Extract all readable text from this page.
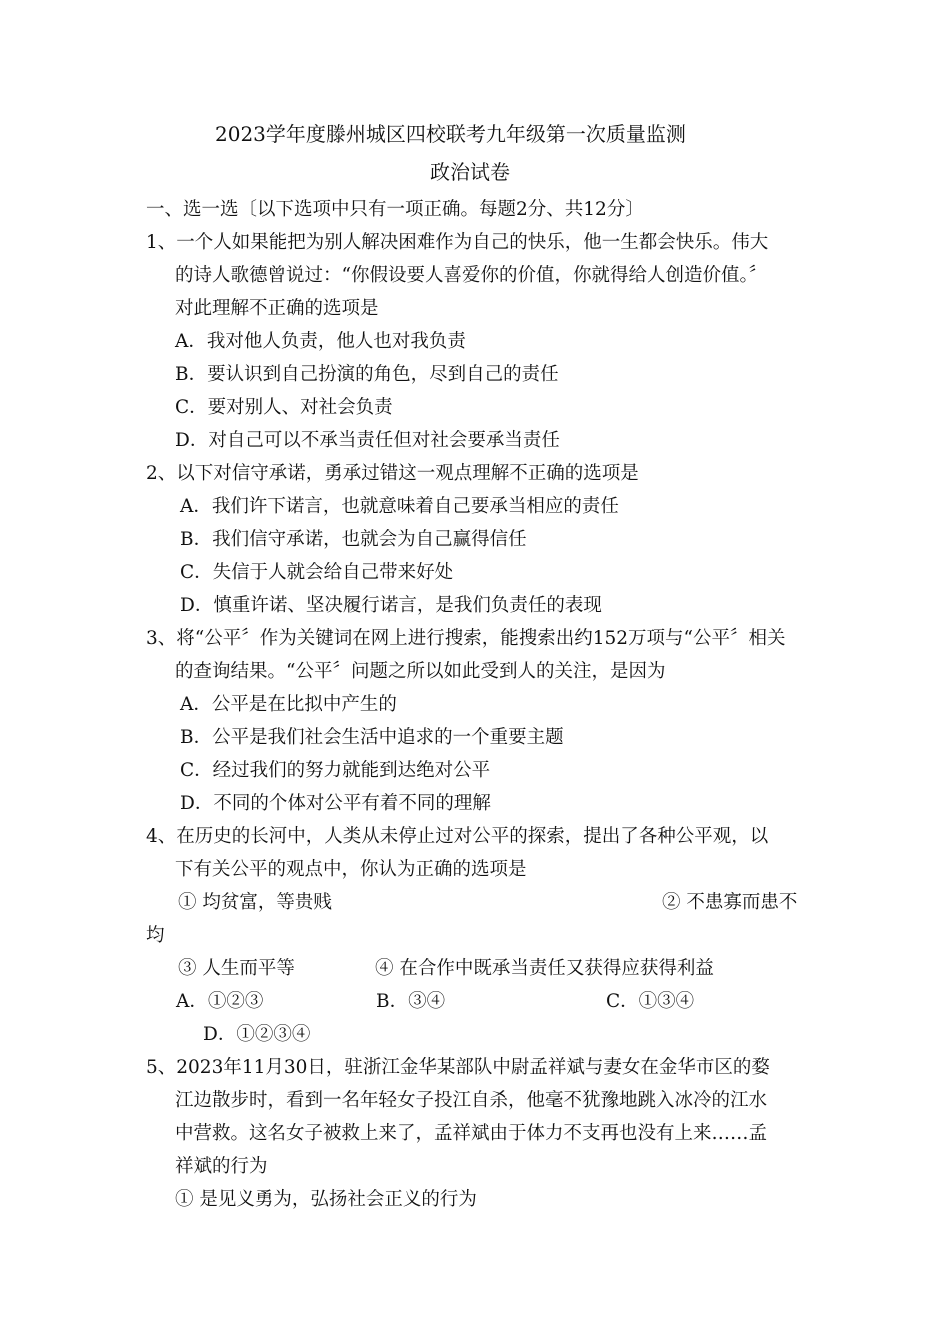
2023学年度滕州城区四校联考九年级第一次质量监测
政治试卷
一、选一选〔以下选项中只有一项正确。每题2分、共12分〕
1、一个人如果能把为别人解决困难作为自己的快乐，他一生都会快乐。伟大
的诗人歌德曾说过：“你假设要人喜爱你的价值，你就得给人创造价值。〞
对此理解不正确的选项是
A．我对他人负责，他人也对我负责
B．要认识到自己扮演的角色，尽到自己的责任
C．要对别人、对社会负责
D．对自己可以不承当责任但对社会要承当责任
2、以下对信守承诺，勇承过错这一观点理解不正确的选项是
A．我们许下诺言，也就意味着自己要承当相应的责任
B．我们信守承诺，也就会为自己赢得信任
C．失信于人就会给自己带来好处
D．慎重许诺、坚决履行诺言，是我们负责任的表现
3、将“公平〞作为关键词在网上进行搜索，能搜索出约152万项与“公平〞相关
的查询结果。“公平〞问题之所以如此受到人的关注，是因为
A．公平是在比拟中产生的
B．公平是我们社会生活中追求的一个重要主题
C．经过我们的努力就能到达绝对公平
D．不同的个体对公平有着不同的理解
4、在历史的长河中，人类从未停止过对公平的探索，提出了各种公平观，以
下有关公平的观点中，你认为正确的选项是
① 均贫富，等贵贱	② 不患寡而患不
均
③ 人生而平等	④ 在合作中既承当责任又获得应获得利益
A．①②③	B．③④	C．①③④
D．①②③④
5、2023年11月30日，驻浙江金华某部队中尉孟祥斌与妻女在金华市区的婺
江边散步时，看到一名年轻女子投江自杀，他毫不犹豫地跳入冰冷的江水
中营救。这名女子被救上来了，孟祥斌由于体力不支再也没有上来……孟
祥斌的行为
① 是见义勇为，弘扬社会正义的行为
